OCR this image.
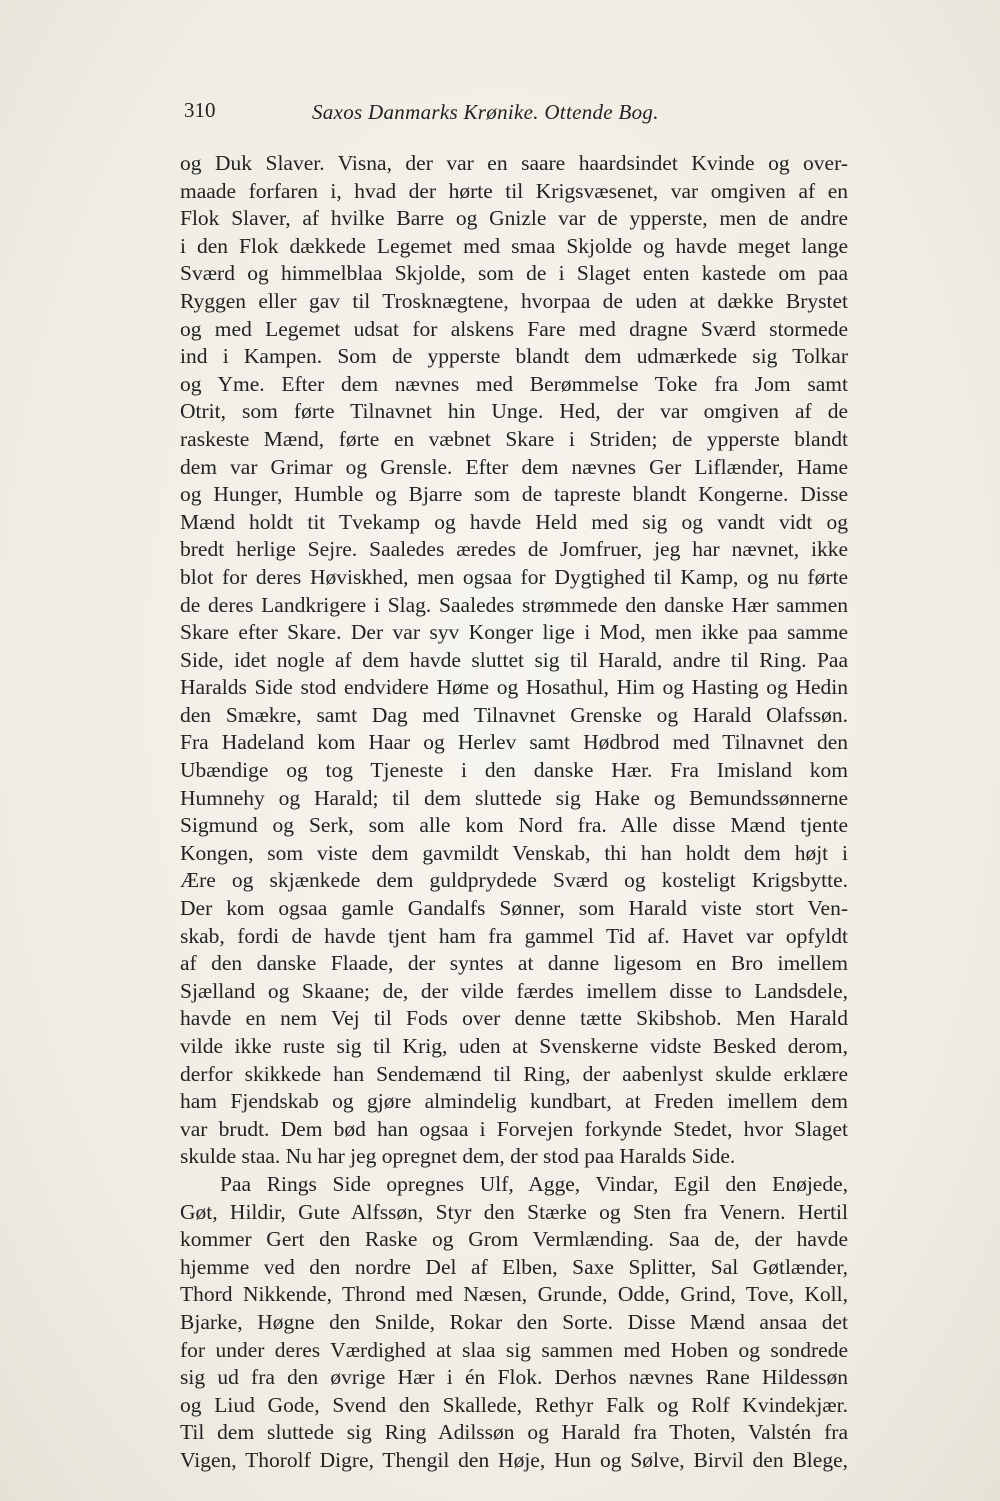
310	Saxos Danmarks Krønike. Ottende Bog.
og Duk Slaver. Visna, der var en saare haardsindet Kvinde og over-
maade forfaren i, hvad der hørte til Krigsvæsenet, var omgiven af en
Flok Slaver, af hvilke Barre og Gnizle var de ypperste, men de andre
i den Flok dækkede Legemet med smaa Skjolde og havde meget lange
Sværd og himmelblaa Skjolde, som de i Slaget enten kastede om paa
Ryggen eller gav til Trosknægtene, hvorpaa de uden at dække Brystet
og med Legemet udsat for alskens Fare med dragne Sværd stormede
ind i Kampen. Som de ypperste blandt dem udmærkede sig Tolkar
og Yme. Efter dem nævnes med Berømmelse Toke fra Jom samt
Otrit, som førte Tilnavnet hin Unge. Hed, der var omgiven af de
raskeste Mænd, førte en væbnet Skare i Striden; de ypperste blandt
dem var Grimar og Grensle. Efter dem nævnes Ger Liflænder, Hame
og Hunger, Humble og Bjarre som de tapreste blandt Kongerne. Disse
Mænd holdt tit Tvekamp og havde Held med sig og vandt vidt og
bredt herlige Sejre. Saaledes æredes de Jomfruer, jeg har nævnet, ikke
blot for deres Høviskhed, men ogsaa for Dygtighed til Kamp, og nu førte
de deres Landkrigere i Slag. Saaledes strømmede den danske Hær sammen
Skare efter Skare. Der var syv Konger lige i Mod, men ikke paa samme
Side, idet nogle af dem havde sluttet sig til Harald, andre til Ring. Paa
Haralds Side stod endvidere Høme og Hosathul, Him og Hasting og Hedin
den Smækre, samt Dag med Tilnavnet Grenske og Harald Olafssøn.
Fra Hadeland kom Haar og Herlev samt Hødbrod med Tilnavnet den
Ubændige og tog Tjeneste i den danske Hær. Fra Imisland kom
Humnehy og Harald; til dem sluttede sig Hake og Bemundssønnerne
Sigmund og Serk, som alle kom Nord fra. Alle disse Mænd tjente
Kongen, som viste dem gavmildt Venskab, thi han holdt dem højt i
Ære og skjænkede dem guldprydede Sværd og kosteligt Krigsbytte.
Der kom ogsaa gamle Gandalfs Sønner, som Harald viste stort Ven-
skab, fordi de havde tjent ham fra gammel Tid af. Havet var opfyldt
af den danske Flaade, der syntes at danne ligesom en Bro imellem
Sjælland og Skaane; de, der vilde færdes imellem disse to Landsdele,
havde en nem Vej til Fods over denne tætte Skibshob. Men Harald
vilde ikke ruste sig til Krig, uden at Svenskerne vidste Besked derom,
derfor skikkede han Sendemænd til Ring, der aabenlyst skulde erklære
ham Fjendskab og gjøre almindelig kundbart, at Freden imellem dem
var brudt. Dem bød han ogsaa i Forvejen forkynde Stedet, hvor Slaget
skulde staa. Nu har jeg opregnet dem, der stod paa Haralds Side.
Paa Rings Side opregnes Ulf, Agge, Vindar, Egil den Enøjede,
Gøt, Hildir, Gute Alfssøn, Styr den Stærke og Sten fra Venern. Hertil
kommer Gert den Raske og Grom Vermlænding. Saa de, der havde
hjemme ved den nordre Del af Elben, Saxe Splitter, Sal Gøtlænder,
Thord Nikkende, Thrond med Næsen, Grunde, Odde, Grind, Tove, Koll,
Bjarke, Høgne den Snilde, Rokar den Sorte. Disse Mænd ansaa det
for under deres Værdighed at slaa sig sammen med Hoben og sondrede
sig ud fra den øvrige Hær i én Flok. Derhos nævnes Rane Hildessøn
og Liud Gode, Svend den Skallede, Rethyr Falk og Rolf Kvindekjær.
Til dem sluttede sig Ring Adilssøn og Harald fra Thoten, Valstén fra
Vigen, Thorolf Digre, Thengil den Høje, Hun og Sølve, Birvil den Blege,
